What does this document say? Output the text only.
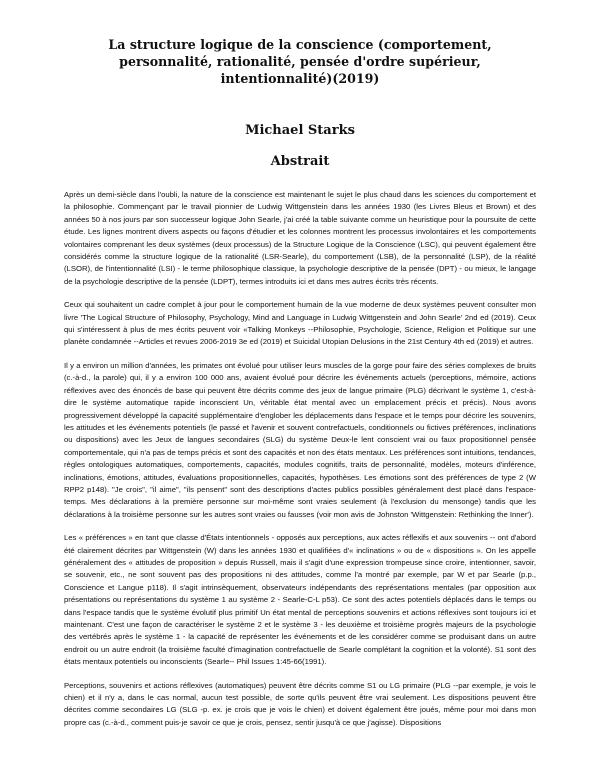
La structure logique de la conscience (comportement, personnalité, rationalité, pensée d'ordre supérieur, intentionnalité)(2019)
Michael Starks
Abstrait

Après un demi-siècle dans l'oubli, la nature de la conscience est maintenant le sujet le plus chaud dans les sciences du comportement et la philosophie. Commençant par le travail pionnier de Ludwig Wittgenstein dans les années 1930 (les Livres Bleus et Brown) et des années 50 à nos jours par son successeur logique John Searle, j'ai créé la table suivante comme un heuristique pour la poursuite de cette étude. Les lignes montrent divers aspects ou façons d'étudier et les colonnes montrent les processus involontaires et les comportements volontaires comprenant les deux systèmes (deux processus) de la Structure Logique de la Conscience (LSC), qui peuvent également être considérés comme la structure logique de la rationalité (LSR-Searle), du comportement (LSB), de la personnalité (LSP), de la réalité (LSOR), de l'intentionnalité (LSI) - le terme philosophique classique, la psychologie descriptive de la pensée (DPT) - ou mieux, le langage de la psychologie descriptive de la pensée (LDPT), termes introduits ici et dans mes autres écrits très récents.

Ceux qui souhaitent un cadre complet à jour pour le comportement humain de la vue moderne de deux systèmes peuvent consulter mon livre 'The Logical Structure of Philosophy, Psychology, Mind and Language in Ludwig Wittgenstein and John Searle' 2nd ed (2019). Ceux qui s'intéressent à plus de mes écrits peuvent voir «Talking Monkeys --Philosophie, Psychologie, Science, Religion et Politique sur une planète condamnée --Articles et revues 2006-2019 3e ed (2019) et Suicidal Utopian Delusions in the 21st Century 4th ed (2019) et autres.

Il y a environ un million d'années, les primates ont évolué pour utiliser leurs muscles de la gorge pour faire des séries complexes de bruits (c.-à-d., la parole) qui, il y a environ 100 000 ans, avaient évolué pour décrire les événements actuels (perceptions, mémoire, actions réflexives avec des énoncés de base qui peuvent être décrits comme des jeux de langue primaire (PLG) décrivant le système 1, c'est-à-dire le système automatique rapide inconscient Un, véritable état mental avec un emplacement précis et précis). Nous avons progressivement développé la capacité supplémentaire d'englober les déplacements dans l'espace et le temps pour décrire les souvenirs, les attitudes et les événements potentiels (le passé et l'avenir et souvent contrefactuels, conditionnels ou fictives préférences, inclinations ou dispositions) avec les Jeux de langues secondaires (SLG) du système Deux-le lent conscient vrai ou faux propositionnel pensée comportementale, qui n'a pas de temps précis et sont des capacités et non des états mentaux. Les préférences sont intuitions, tendances, règles ontologiques automatiques, comportements, capacités, modules cognitifs, traits de personnalité, modèles, moteurs d'inférence, inclinations, émotions, attitudes, évaluations propositionnelles, capacités, hypothèses. Les émotions sont des préférences de type 2 (W RPP2 p148). "Je crois", "il aime", "ils pensent" sont des descriptions d'actes publics possibles généralement dest placé dans l'espace-temps. Mes déclarations à la première personne sur moi-même sont vraies seulement (à l'exclusion du mensonge) tandis que les déclarations à la troisième personne sur les autres sont vraies ou fausses (voir mon avis de Johnston 'Wittgenstein: Rethinking the Inner').

Les « préférences » en tant que classe d'États intentionnels - opposés aux perceptions, aux actes réflexifs et aux souvenirs -- ont d'abord été clairement décrites par Wittgenstein (W) dans les années 1930 et qualifiées d'« inclinations » ou de « dispositions ». On les appelle généralement des « attitudes de proposition » depuis Russell, mais il s'agit d'une expression trompeuse since croire, intentionner, savoir, se souvenir, etc., ne sont souvent pas des propositions ni des attitudes, comme l'a montré par exemple, par W et par Searle (p.p., Conscience et Langue p118). Il s'agit intrinsèquement, observateurs indépendants des représentations mentales (par opposition aux présentations ou représentations du système 1 au système 2 - Searle-C-L p53). Ce sont des actes potentiels déplacés dans le temps ou dans l'espace tandis que le système évolutif plus primitif Un état mental de perceptions souvenirs et actions réflexives sont toujours ici et maintenant. C'est une façon de caractériser le système 2 et le système 3 - les deuxième et troisième progrès majeurs de la psychologie des vertébrés après le système 1 - la capacité de représenter les événements et de les considérer comme se produisant dans un autre endroit ou un autre endroit (la troisième faculté d'imagination contrefactuelle de Searle complétant la cognition et la volonté). S1 sont des états mentaux potentiels ou inconscients (Searle-- Phil Issues 1:45-66(1991).

Perceptions, souvenirs et actions réflexives (automatiques) peuvent être décrits comme S1 ou LG primaire (PLG --par exemple, je vois le chien) et il n'y a, dans le cas normal, aucun test possible, de sorte qu'ils peuvent être vrai seulement. Les dispositions peuvent être décrites comme secondaires LG (SLG -p. ex. je crois que je vois le chien) et doivent également être joués, même pour moi dans mon propre cas (c.-à-d., comment puis-je savoir ce que je crois, pensez, sentir jusqu'à ce que j'agisse). Dispositions
